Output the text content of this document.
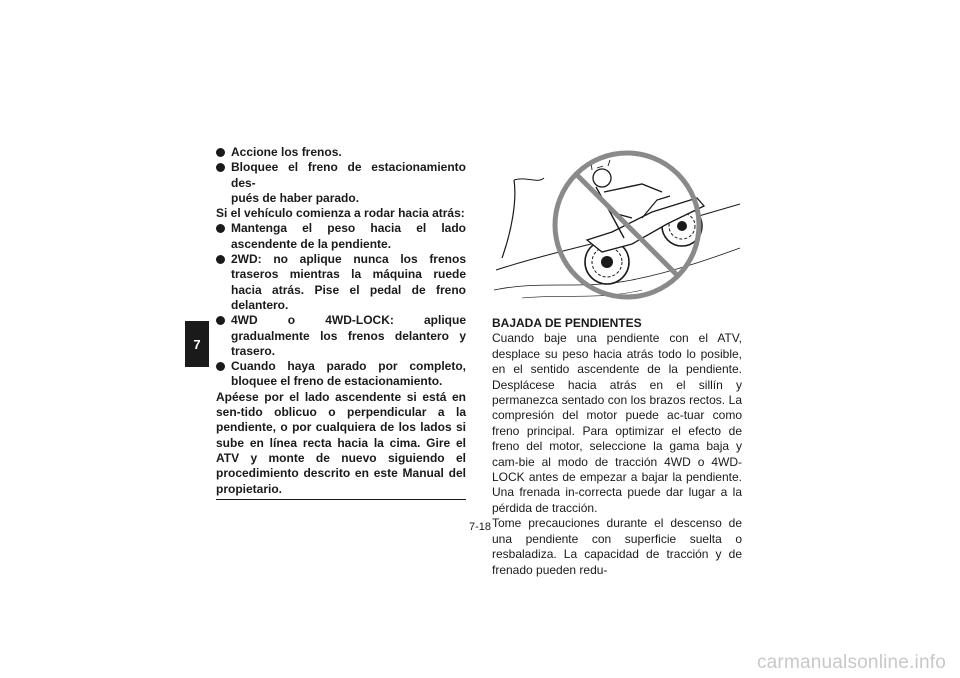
7

Accione los frenos.

Bloquee el freno de estacionamiento des-
pués de haber parado.

Si el vehículo comienza a rodar hacia atrás:

Mantenga el peso hacia el lado ascendente de la pendiente.

2WD: no aplique nunca los frenos traseros mientras la máquina ruede hacia atrás. Pise el pedal de freno delantero.

4WD o 4WD-LOCK: aplique gradualmente los frenos delantero y trasero.

Cuando haya parado por completo, bloquee el freno de estacionamiento.

Apéese por el lado ascendente si está en sen-tido oblicuo o perpendicular a la pendiente, o por cualquiera de los lados si sube en línea recta hacia la cima. Gire el ATV y monte de nuevo siguiendo el procedimiento descrito en este Manual del propietario.

BAJADA DE PENDIENTES

Cuando baje una pendiente con el ATV, desplace su peso hacia atrás todo lo posible, en el sentido ascendente de la pendiente. Desplácese hacia atrás en el sillín y permanezca sentado con los brazos rectos. La compresión del motor puede ac-tuar como freno principal. Para optimizar el efecto de freno del motor, seleccione la gama baja y cam-bie al modo de tracción 4WD o 4WD-LOCK antes de empezar a bajar la pendiente. Una frenada in-correcta puede dar lugar a la pérdida de tracción.

Tome precauciones durante el descenso de una pendiente con superficie suelta o resbaladiza. La capacidad de tracción y de frenado pueden redu-

7-18
carmanualsonline.info
